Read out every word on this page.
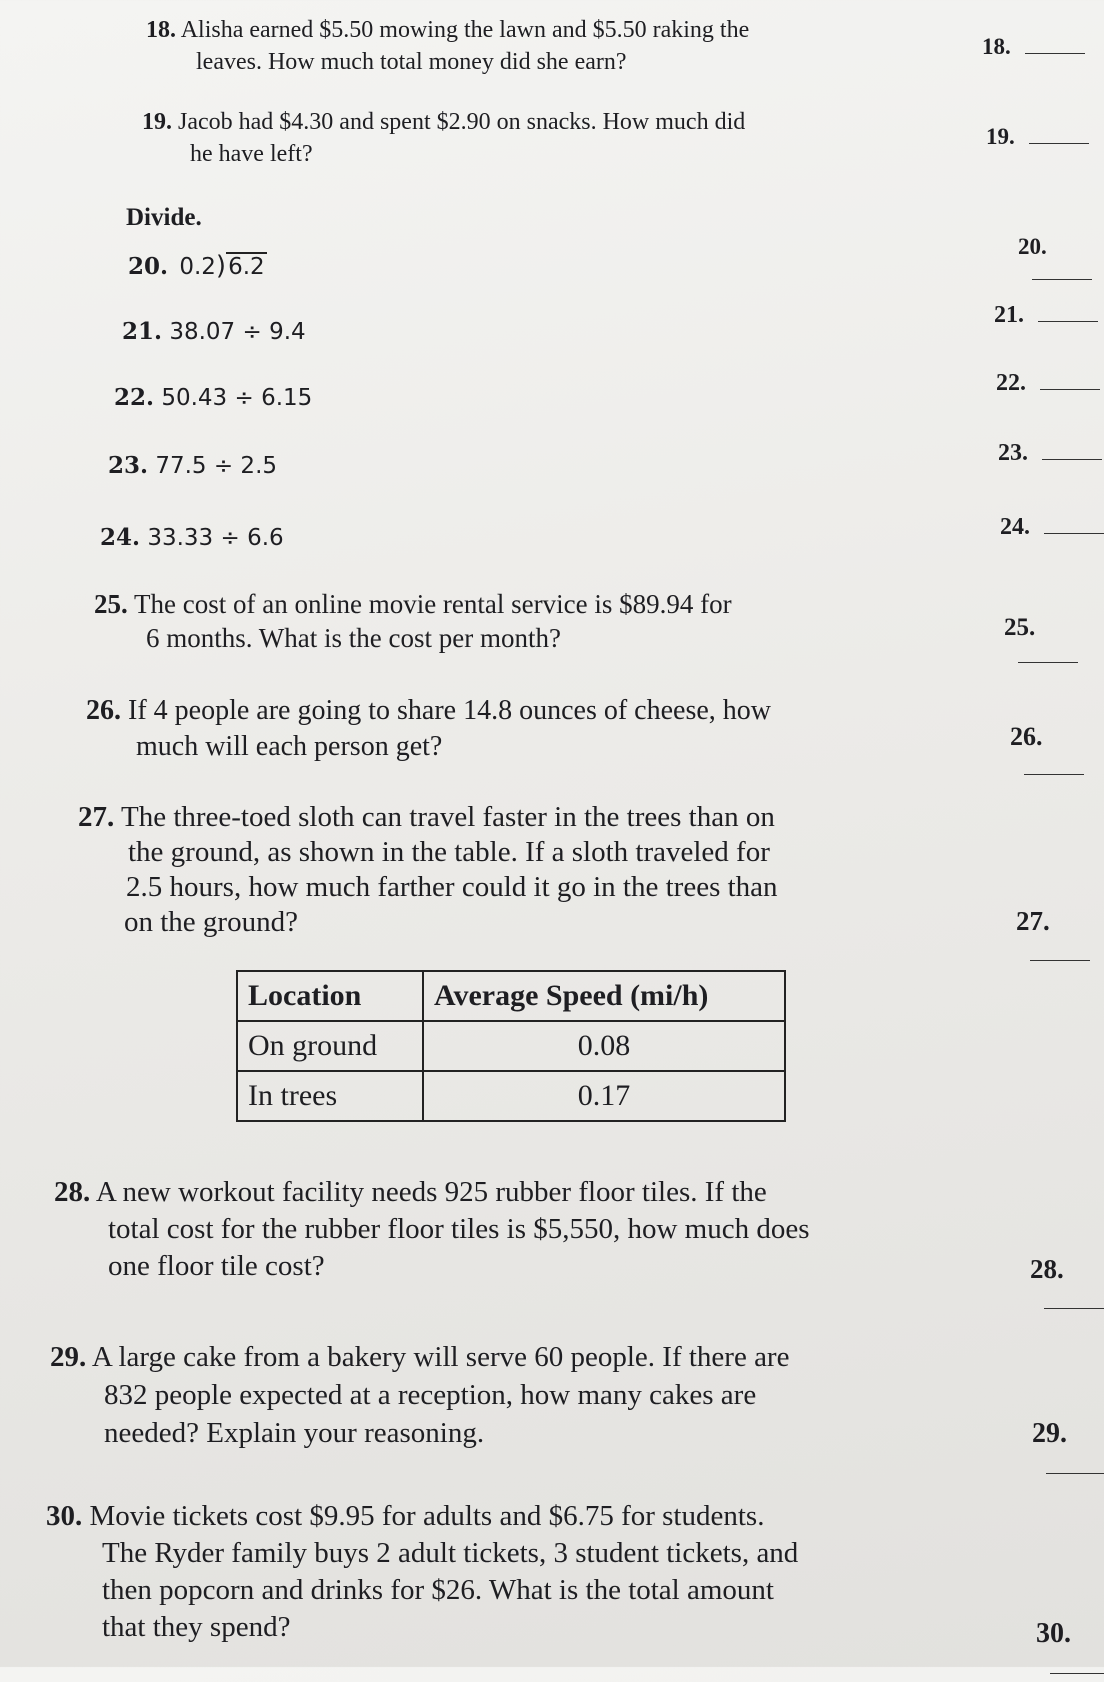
18. Alisha earned $5.50 mowing the lawn and $5.50 raking the
leaves. How much total money did she earn?
19. Jacob had $4.30 and spent $2.90 on snacks. How much did
he have left?
Divide.
20. 0.2)6.2
21. 38.07 ÷ 9.4
22. 50.43 ÷ 6.15
23. 77.5 ÷ 2.5
24. 33.33 ÷ 6.6
25. The cost of an online movie rental service is $89.94 for
6 months. What is the cost per month?
26. If 4 people are going to share 14.8 ounces of cheese, how
much will each person get?
27. The three-toed sloth can travel faster in the trees than on
the ground, as shown in the table. If a sloth traveled for
2.5 hours, how much farther could it go in the trees than
on the ground?
Location	Average Speed (mi/h)
On ground	0.08
In trees	0.17
28. A new workout facility needs 925 rubber floor tiles. If the
total cost for the rubber floor tiles is $5,550, how much does
one floor tile cost?
29. A large cake from a bakery will serve 60 people. If there are
832 people expected at a reception, how many cakes are
needed? Explain your reasoning.
30. Movie tickets cost $9.95 for adults and $6.75 for students.
The Ryder family buys 2 adult tickets, 3 student tickets, and
then popcorn and drinks for $26. What is the total amount
that they spend?
18.
19.
20.
21.
22.
23.
24.
25.
26.
27.
28.
29.
30.
